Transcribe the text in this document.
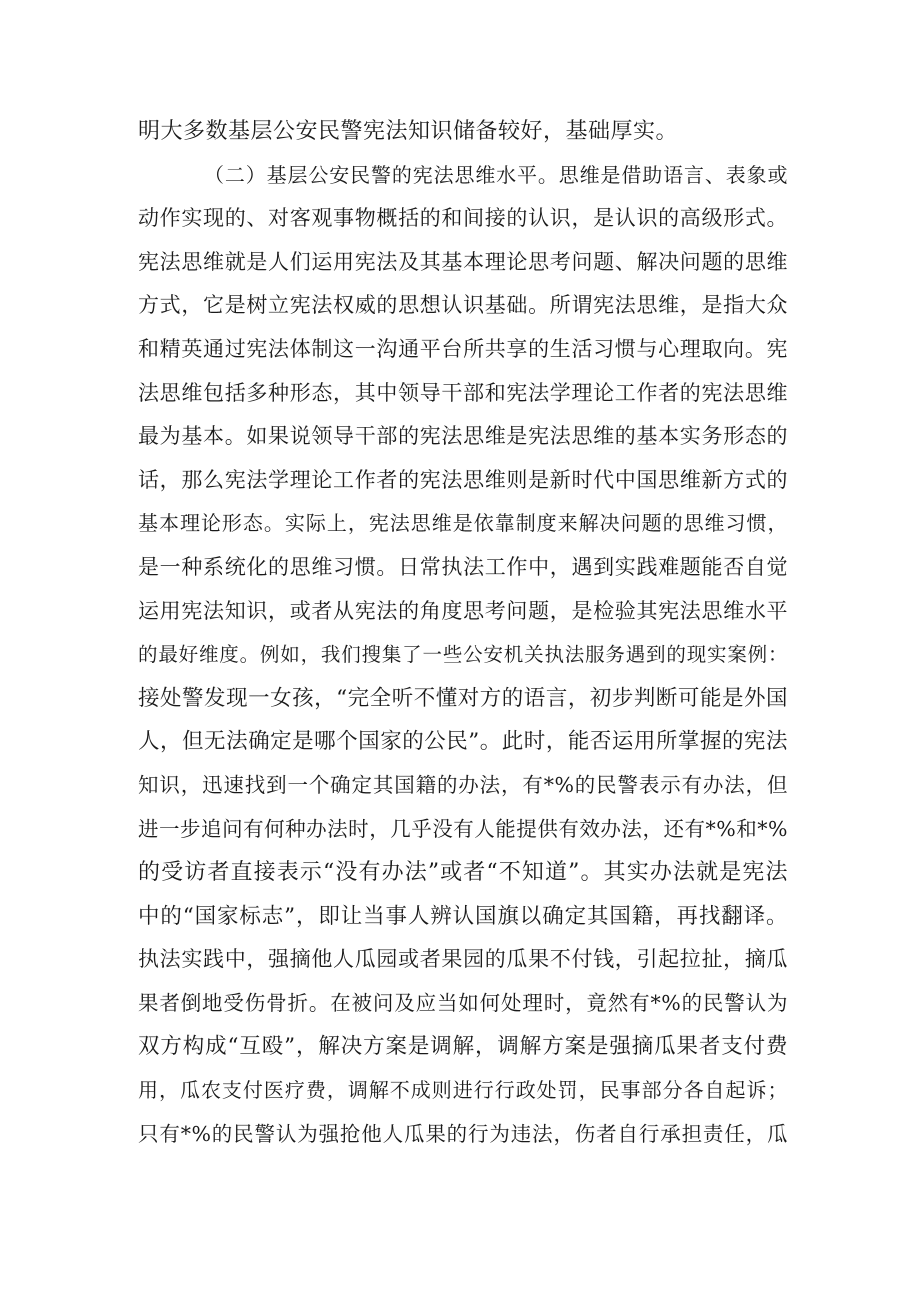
明大多数基层公安民警宪法知识储备较好，基础厚实。
（二）基层公安民警的宪法思维水平。思维是借助语言、表象或
动作实现的、对客观事物概括的和间接的认识，是认识的高级形式。
宪法思维就是人们运用宪法及其基本理论思考问题、解决问题的思维
方式，它是树立宪法权威的思想认识基础。所谓宪法思维，是指大众
和精英通过宪法体制这一沟通平台所共享的生活习惯与心理取向。宪
法思维包括多种形态，其中领导干部和宪法学理论工作者的宪法思维
最为基本。如果说领导干部的宪法思维是宪法思维的基本实务形态的
话，那么宪法学理论工作者的宪法思维则是新时代中国思维新方式的
基本理论形态。实际上，宪法思维是依靠制度来解决问题的思维习惯，
是一种系统化的思维习惯。日常执法工作中，遇到实践难题能否自觉
运用宪法知识，或者从宪法的角度思考问题，是检验其宪法思维水平
的最好维度。例如，我们搜集了一些公安机关执法服务遇到的现实案例：
接处警发现一女孩，“完全听不懂对方的语言，初步判断可能是外国
人，但无法确定是哪个国家的公民”。此时，能否运用所掌握的宪法
知识，迅速找到一个确定其国籍的办法，有*%的民警表示有办法，但
进一步追问有何种办法时，几乎没有人能提供有效办法，还有*%和*%
的受访者直接表示“没有办法”或者“不知道”。其实办法就是宪法
中的“国家标志”，即让当事人辨认国旗以确定其国籍，再找翻译。
执法实践中，强摘他人瓜园或者果园的瓜果不付钱，引起拉扯，摘瓜
果者倒地受伤骨折。在被问及应当如何处理时，竟然有*%的民警认为
双方构成“互殴”，解决方案是调解，调解方案是强摘瓜果者支付费
用，瓜农支付医疗费，调解不成则进行行政处罚，民事部分各自起诉；
只有*%的民警认为强抢他人瓜果的行为违法，伤者自行承担责任，瓜
